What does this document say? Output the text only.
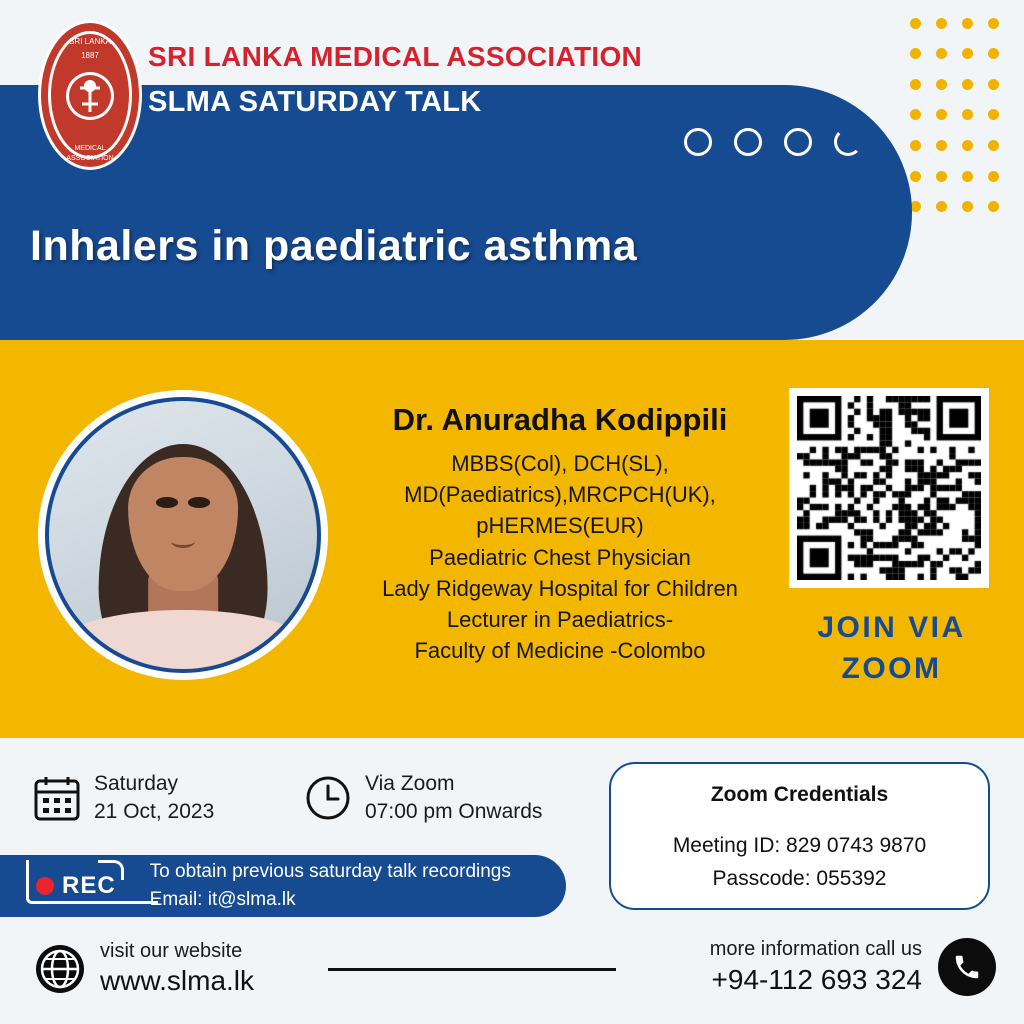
SRI LANKA
1887
MEDICAL
ASSOCIATION
SRI LANKA MEDICAL ASSOCIATION
SLMA SATURDAY TALK
Inhalers in paediatric asthma
Dr. Anuradha Kodippili
MBBS(Col), DCH(SL),
MD(Paediatrics),MRCPCH(UK),
pHERMES(EUR)
Paediatric Chest Physician
Lady Ridgeway Hospital for Children
Lecturer in Paediatrics-
Faculty of Medicine -Colombo
JOIN VIA
ZOOM
Saturday
21 Oct, 2023
Via Zoom
07:00 pm Onwards
Zoom Credentials
Meeting ID: 829 0743 9870
Passcode: 055392
REC
To obtain previous saturday talk recordings
Email: it@slma.lk
visit our website
www.slma.lk
more information call us
+94-112 693 324
